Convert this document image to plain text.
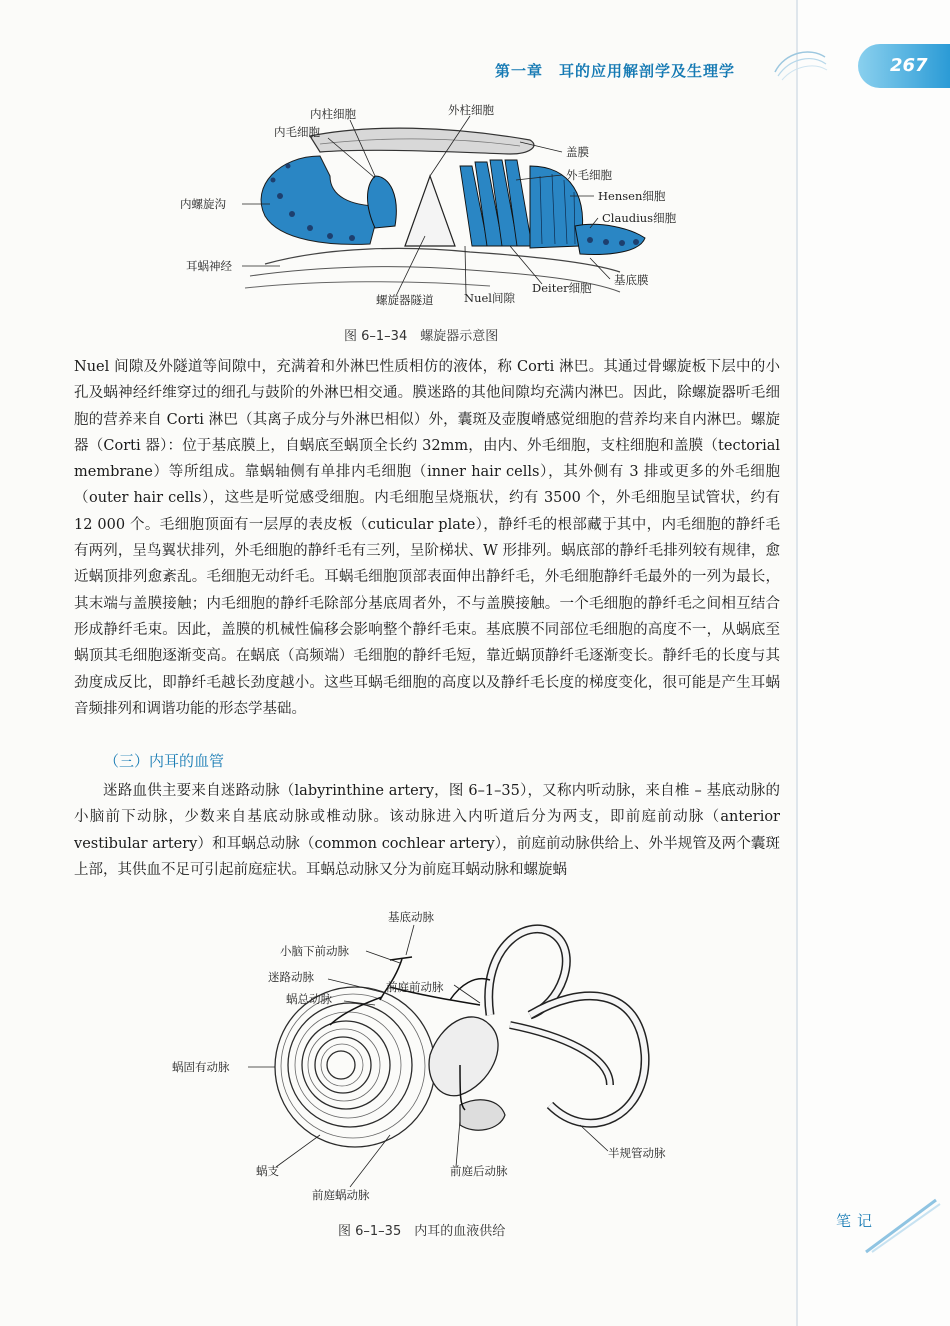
第一章　耳的应用解剖学及生理学	267
内柱细胞	外柱细胞
内毛细胞
内螺旋沟
耳蜗神经
盖膜
外毛细胞
Hensen细胞
Claudius细胞
基底膜
Deiter细胞
螺旋器隧道	Nuel间隙
图 6–1–34　螺旋器示意图

Nuel 间隙及外隧道等间隙中，充满着和外淋巴性质相仿的液体，称 Corti 淋巴。其通过骨螺旋板下层中的小孔及蜗神经纤维穿过的细孔与鼓阶的外淋巴相交通。膜迷路的其他间隙均充满内淋巴。因此，除螺旋器听毛细胞的营养来自 Corti 淋巴（其离子成分与外淋巴相似）外，囊斑及壶腹嵴感觉细胞的营养均来自内淋巴。螺旋器（Corti 器）：位于基底膜上，自蜗底至蜗顶全长约 32mm，由内、外毛细胞，支柱细胞和盖膜（tectorial membrane）等所组成。靠蜗轴侧有单排内毛细胞（inner hair cells），其外侧有 3 排或更多的外毛细胞（outer hair cells），这些是听觉感受细胞。内毛细胞呈烧瓶状，约有 3500 个，外毛细胞呈试管状，约有 12 000 个。毛细胞顶面有一层厚的表皮板（cuticular plate），静纤毛的根部藏于其中，内毛细胞的静纤毛有两列，呈鸟翼状排列，外毛细胞的静纤毛有三列，呈阶梯状、W 形排列。蜗底部的静纤毛排列较有规律，愈近蜗顶排列愈紊乱。毛细胞无动纤毛。耳蜗毛细胞顶部表面伸出静纤毛，外毛细胞静纤毛最外的一列为最长，其末端与盖膜接触；内毛细胞的静纤毛除部分基底周者外，不与盖膜接触。一个毛细胞的静纤毛之间相互结合形成静纤毛束。因此，盖膜的机械性偏移会影响整个静纤毛束。基底膜不同部位毛细胞的高度不一，从蜗底至蜗顶其毛细胞逐渐变高。在蜗底（高频端）毛细胞的静纤毛短，靠近蜗顶静纤毛逐渐变长。静纤毛的长度与其劲度成反比，即静纤毛越长劲度越小。这些耳蜗毛细胞的高度以及静纤毛长度的梯度变化，很可能是产生耳蜗音频排列和调谐功能的形态学基础。

（三）内耳的血管

迷路血供主要来自迷路动脉（labyrinthine artery，图 6–1–35），又称内听动脉，来自椎 – 基底动脉的小脑前下动脉，少数来自基底动脉或椎动脉。该动脉进入内听道后分为两支，即前庭前动脉（anterior vestibular artery）和耳蜗总动脉（common cochlear artery），前庭前动脉供给上、外半规管及两个囊斑上部，其供血不足可引起前庭症状。耳蜗总动脉又分为前庭耳蜗动脉和螺旋蜗

基底动脉
小脑下前动脉
迷路动脉
蜗总动脉
前庭前动脉
蜗固有动脉
蜗支	前庭后动脉
半规管动脉
前庭蜗动脉
图 6–1–35　内耳的血液供给
笔记
